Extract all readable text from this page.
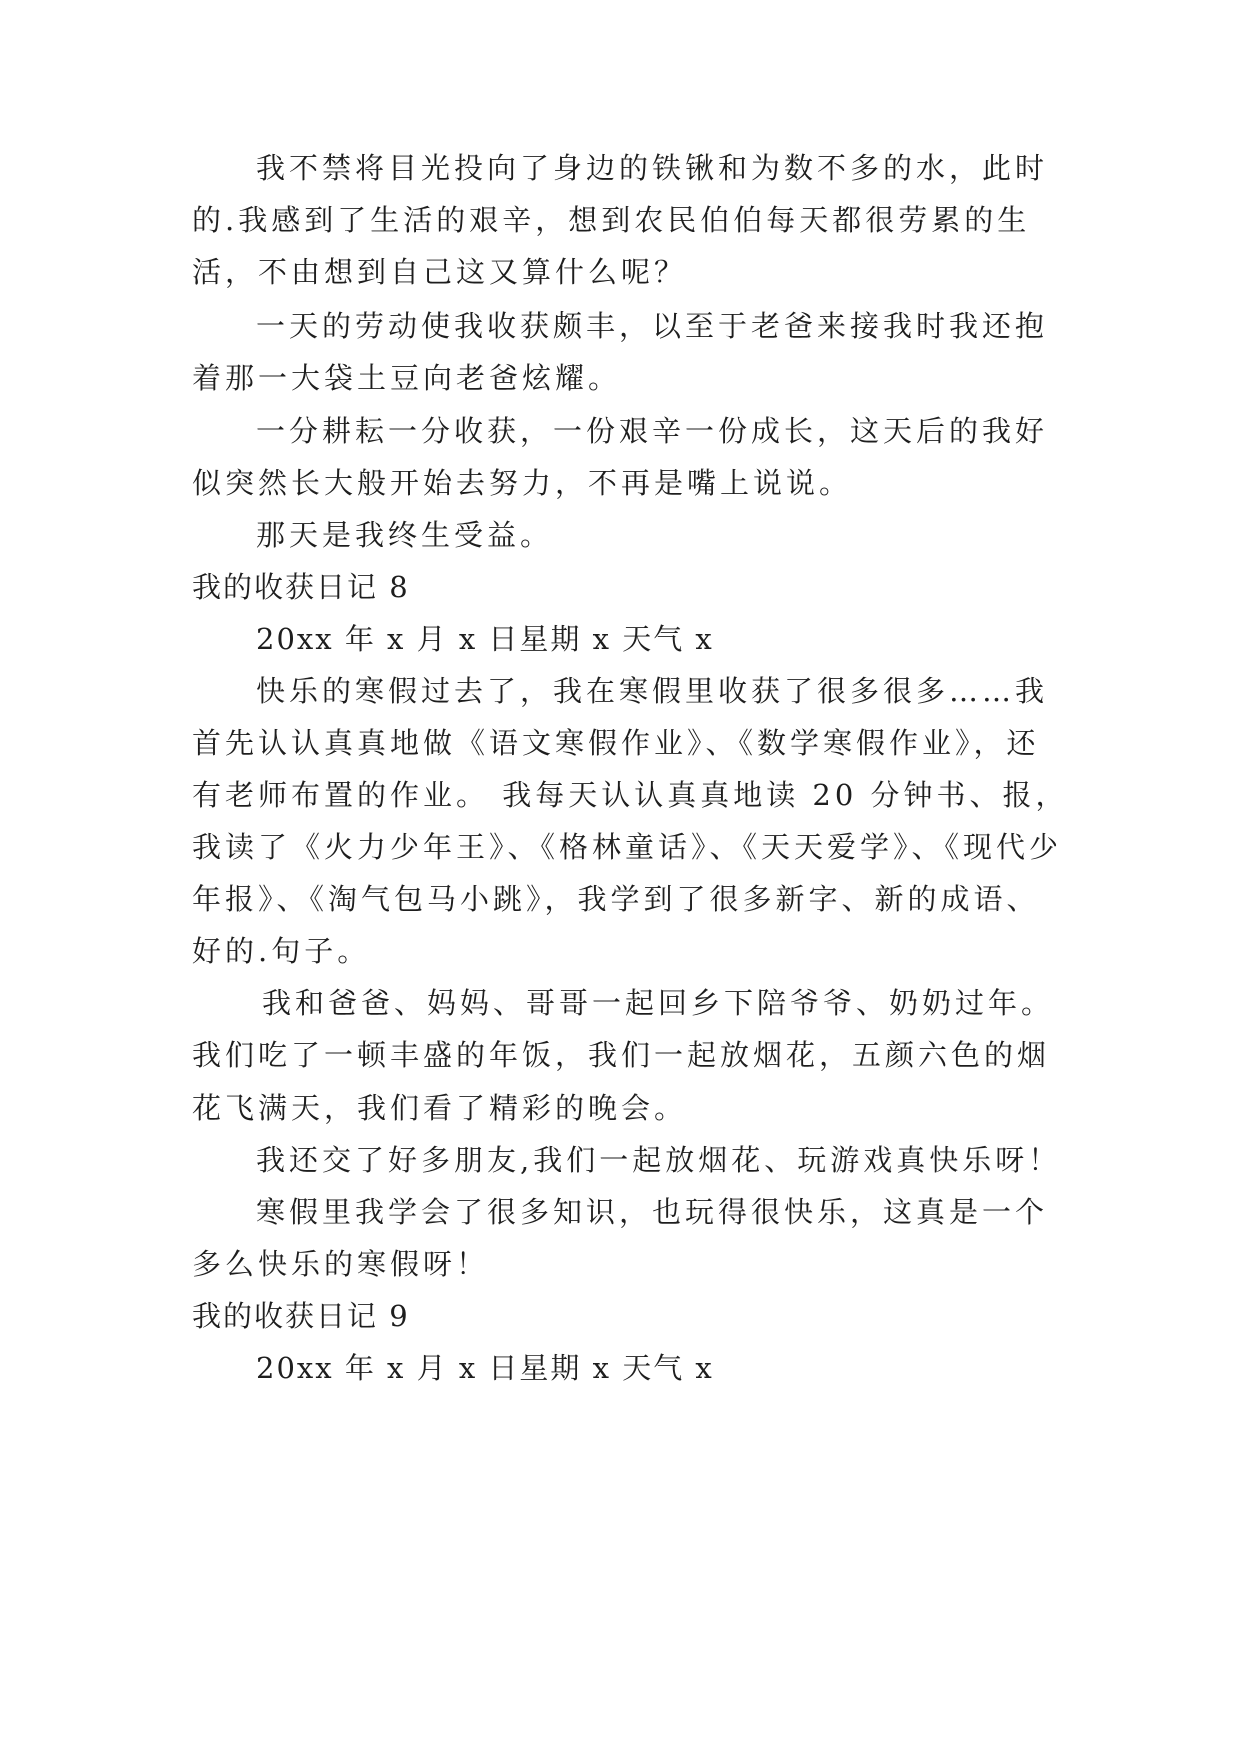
我不禁将目光投向了身边的铁锹和为数不多的水，此时
的.我感到了生活的艰辛，想到农民伯伯每天都很劳累的生
活，不由想到自己这又算什么呢？
一天的劳动使我收获颇丰，以至于老爸来接我时我还抱
着那一大袋土豆向老爸炫耀。
一分耕耘一分收获，一份艰辛一份成长，这天后的我好
似突然长大般开始去努力，不再是嘴上说说。
那天是我终生受益。
我的收获日记 8
20xx 年 x 月 x 日星期 x 天气 x
快乐的寒假过去了，我在寒假里收获了很多很多……我
首先认认真真地做《语文寒假作业》、《数学寒假作业》，还
有老师布置的作业。 我每天认认真真地读 20 分钟书、报，
我读了《火力少年王》、《格林童话》、《天天爱学》、《现代少
年报》、《淘气包马小跳》，我学到了很多新字、新的成语、
好的.句子。
我和爸爸、妈妈、哥哥一起回乡下陪爷爷、奶奶过年。
我们吃了一顿丰盛的年饭，我们一起放烟花，五颜六色的烟
花飞满天，我们看了精彩的晚会。
我还交了好多朋友,我们一起放烟花、玩游戏真快乐呀！
寒假里我学会了很多知识，也玩得很快乐，这真是一个
多么快乐的寒假呀！
我的收获日记 9
20xx 年 x 月 x 日星期 x 天气 x
